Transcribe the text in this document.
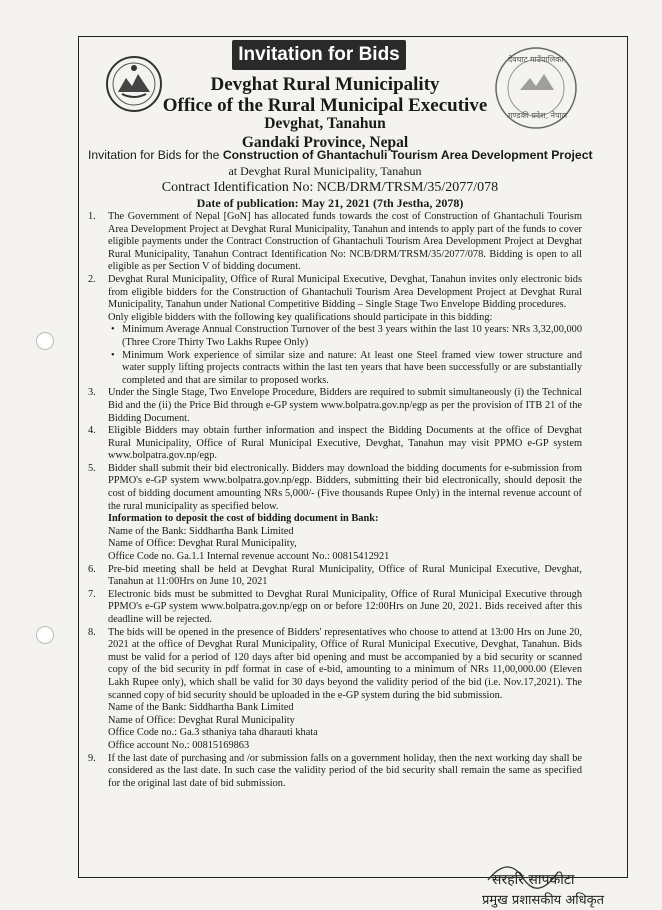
Invitation for Bids	देवघाट गाउँपालिका
गण्डकी प्रदेश, नेपाल
Devghat Rural Municipality
Office of the Rural Municipal Executive
Devghat, Tanahun
Gandaki Province, Nepal
Invitation for Bids for the Construction of Ghantachuli Tourism Area Development Project
at Devghat Rural Municipality, Tanahun
Contract Identification No: NCB/DRM/TRSM/35/2077/078
Date of publication: May 21, 2021 (7th Jestha, 2078)
1. The Government of Nepal [GoN] has allocated funds towards the cost of Construction of Ghantachuli Tourism Area Development Project at Devghat Rural Municipality, Tanahun and intends to apply part of the funds to cover eligible payments under the Contract Construction of Ghantachuli Tourism Area Development Project at Devghat Rural Municipality, Tanahun Contract Identification No: NCB/DRM/TRSM/35/2077/078. Bidding is open to all eligible as per Section V of bidding document.

2. Devghat Rural Municipality, Office of Rural Municipal Executive, Devghat, Tanahun invites only electronic bids from eligible bidders for the Construction of Ghantachuli Tourism Area Development Project at Devghat Rural Municipality, Tanahun under National Competitive Bidding – Single Stage Two Envelope Bidding procedures.

Only eligible bidders with the following key qualifications should participate in this bidding:

• Minimum Average Annual Construction Turnover of the best 3 years within the last 10 years: NRs 3,32,00,000 (Three Crore Thirty Two Lakhs Rupee Only)

• Minimum Work experience of similar size and nature: At least one Steel framed view tower structure and water supply lifting projects contracts within the last ten years that have been successfully or are substantially completed and that are similar to proposed works.

3. Under the Single Stage, Two Envelope Procedure, Bidders are required to submit simultaneously (i) the Technical Bid and the (ii) the Price Bid through e-GP system www.bolpatra.gov.np/egp as per the provision of ITB 21 of the Bidding Document.

4. Eligible Bidders may obtain further information and inspect the Bidding Documents at the office of Devghat Rural Municipality, Office of Rural Municipal Executive, Devghat, Tanahun may visit PPMO e-GP system www.bolpatra.gov.np/egp.

5. Bidder shall submit their bid electronically. Bidders may download the bidding documents for e-submission from PPMO's e-GP system www.bolpatra.gov.np/egp. Bidders, submitting their bid electronically, should deposit the cost of bidding document amounting NRs 5,000/- (Five thousands Rupee Only) in the internal revenue account of the rural municipality as specified below.

Information to deposit the cost of bidding document in Bank:

Name of the Bank: Siddhartha Bank Limited

Name of Office: Devghat Rural Municipality,

Office Code no. Ga.1.1 Internal revenue account No.: 00815412921

6. Pre-bid meeting shall be held at Devghat Rural Municipality, Office of Rural Municipal Executive, Devghat, Tanahun at 11:00Hrs on June 10, 2021

7. Electronic bids must be submitted to Devghat Rural Municipality, Office of Rural Municipal Executive through PPMO's e-GP system www.bolpatra.gov.np/egp on or before 12:00Hrs on June 20, 2021. Bids received after this deadline will be rejected.

8. The bids will be opened in the presence of Bidders' representatives who choose to attend at 13:00 Hrs on June 20, 2021 at the office of Devghat Rural Municipality, Office of Rural Municipal Executive, Devghat, Tanahun. Bids must be valid for a period of 120 days after bid opening and must be accompanied by a bid security or scanned copy of the bid security in pdf format in case of e-bid, amounting to a minimum of NRs 11,00,000.00 (Eleven Lakh Rupee only), which shall be valid for 30 days beyond the validity period of the bid (i.e. Nov.17,2021). The scanned copy of bid security should be uploaded in the e-GP system during the bid submission.

Name of the Bank: Siddhartha Bank Limited

Name of Office: Devghat Rural Municipality

Office Code no.: Ga.3 sthaniya taha dharauti khata

Office account No.: 00815169863

9. If the last date of purchasing and /or submission falls on a government holiday, then the next working day shall be considered as the last date. In such case the validity period of the bid security shall remain the same as specified for the original last date of bid submission.

सरहरि सापकोटा
प्रमुख प्रशासकीय अधिकृत
